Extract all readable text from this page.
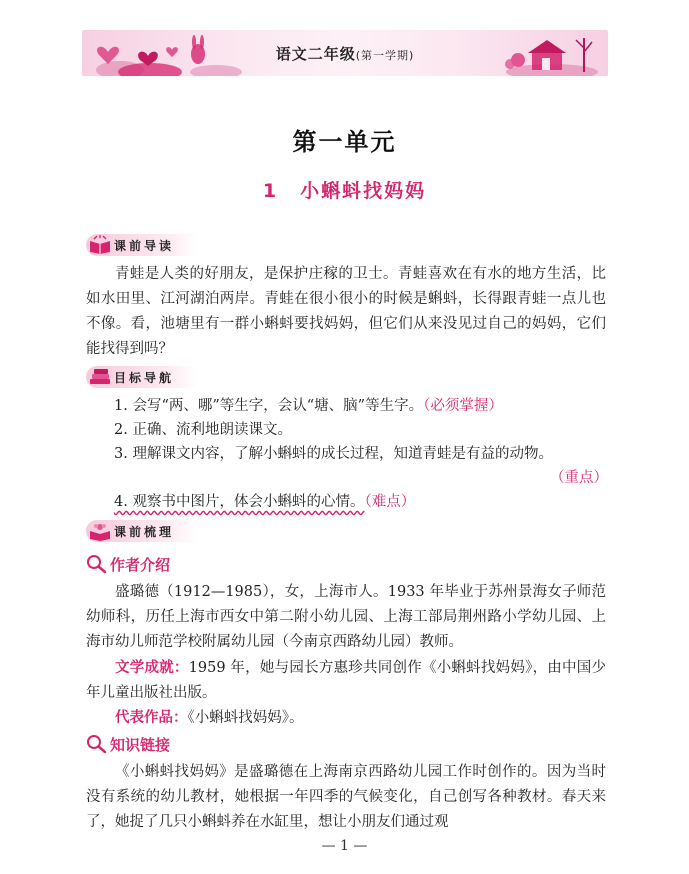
语文二年级(第一学期)
第一单元
1 小蝌蚪找妈妈
课前导读
青蛙是人类的好朋友，是保护庄稼的卫士。青蛙喜欢在有水的地方生活，比如水田里、江河湖泊两岸。青蛙在很小很小的时候是蝌蚪，长得跟青蛙一点儿也不像。看，池塘里有一群小蝌蚪要找妈妈，但它们从来没见过自己的妈妈，它们能找得到吗？
目标导航
1. 会写“两、哪”等生字，会认“塘、脑”等生字。（必须掌握）
2. 正确、流利地朗读课文。
3. 理解课文内容，了解小蝌蚪的成长过程，知道青蛙是有益的动物。
（重点）
4. 观察书中图片，体会小蝌蚪的心情。（难点）
课前梳理
作者介绍
盛璐德（1912—1985），女，上海市人。1933 年毕业于苏州景海女子师范幼师科，历任上海市西女中第二附小幼儿园、上海工部局荆州路小学幼儿园、上海市幼儿师范学校附属幼儿园（今南京西路幼儿园）教师。
文学成就：1959 年，她与园长方惠珍共同创作《小蝌蚪找妈妈》，由中国少年儿童出版社出版。
代表作品：《小蝌蚪找妈妈》。
知识链接
《小蝌蚪找妈妈》是盛璐德在上海南京西路幼儿园工作时创作的。因为当时没有系统的幼儿教材，她根据一年四季的气候变化，自己创写各种教材。春天来了，她捉了几只小蝌蚪养在水缸里，想让小朋友们通过观
— 1 —
